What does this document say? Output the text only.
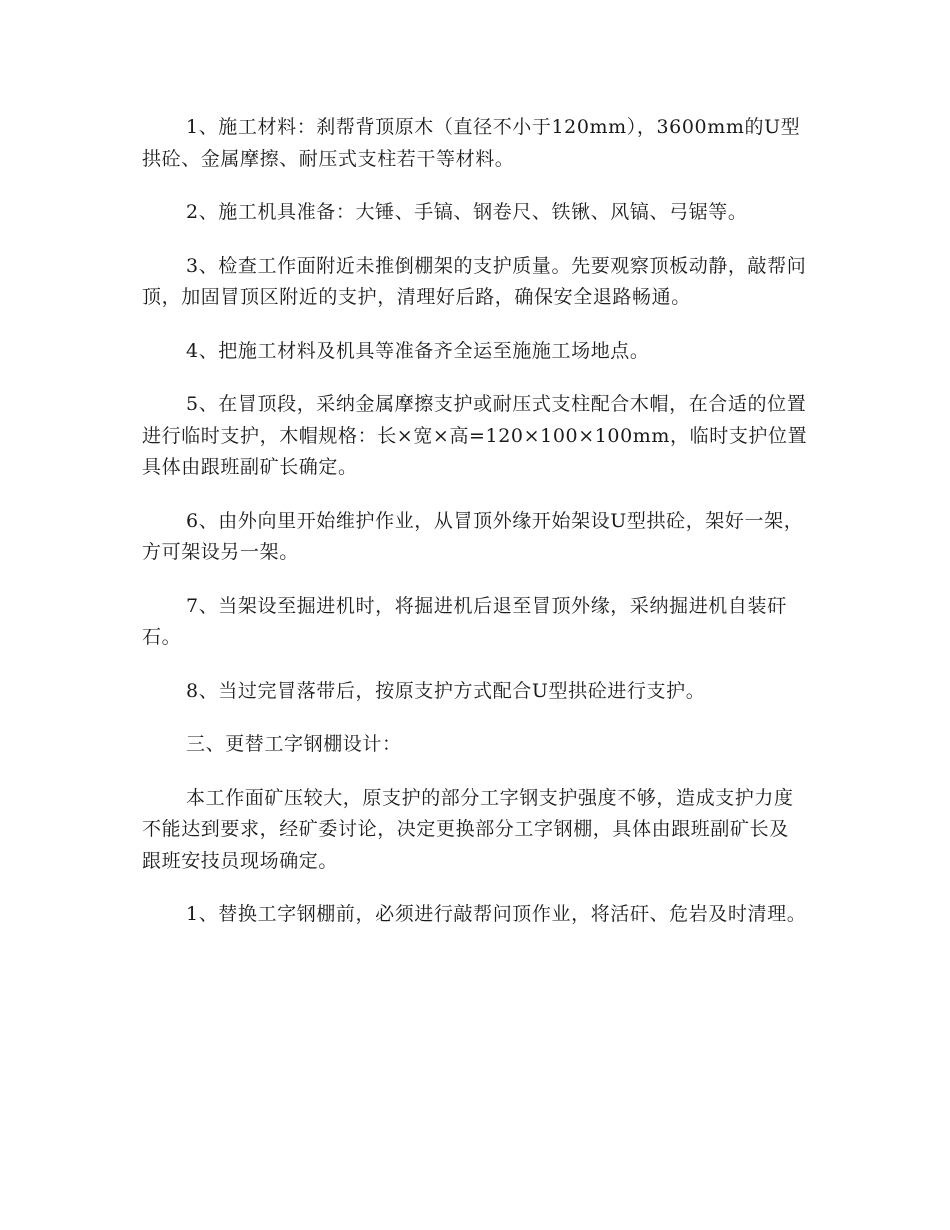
1、施工材料：刹帮背顶原木（直径不小于120mm），3600mm的U型拱砼、金属摩擦、耐压式支柱若干等材料。

2、施工机具准备：大锤、手镐、钢卷尺、铁锹、风镐、弓锯等。

3、检查工作面附近未推倒棚架的支护质量。先要观察顶板动静，敲帮问顶，加固冒顶区附近的支护，清理好后路，确保安全退路畅通。

4、把施工材料及机具等准备齐全运至施施工场地点。

5、在冒顶段，采纳金属摩擦支护或耐压式支柱配合木帽，在合适的位置进行临时支护，木帽规格：长×宽×高=120×100×100mm，临时支护位置具体由跟班副矿长确定。

6、由外向里开始维护作业，从冒顶外缘开始架设U型拱砼，架好一架，方可架设另一架。

7、当架设至掘进机时，将掘进机后退至冒顶外缘，采纳掘进机自装矸石。

8、当过完冒落带后，按原支护方式配合U型拱砼进行支护。

三、更替工字钢棚设计：

本工作面矿压较大，原支护的部分工字钢支护强度不够，造成支护力度不能达到要求，经矿委讨论，决定更换部分工字钢棚，具体由跟班副矿长及跟班安技员现场确定。

1、替换工字钢棚前，必须进行敲帮问顶作业，将活矸、危岩及时清理。
